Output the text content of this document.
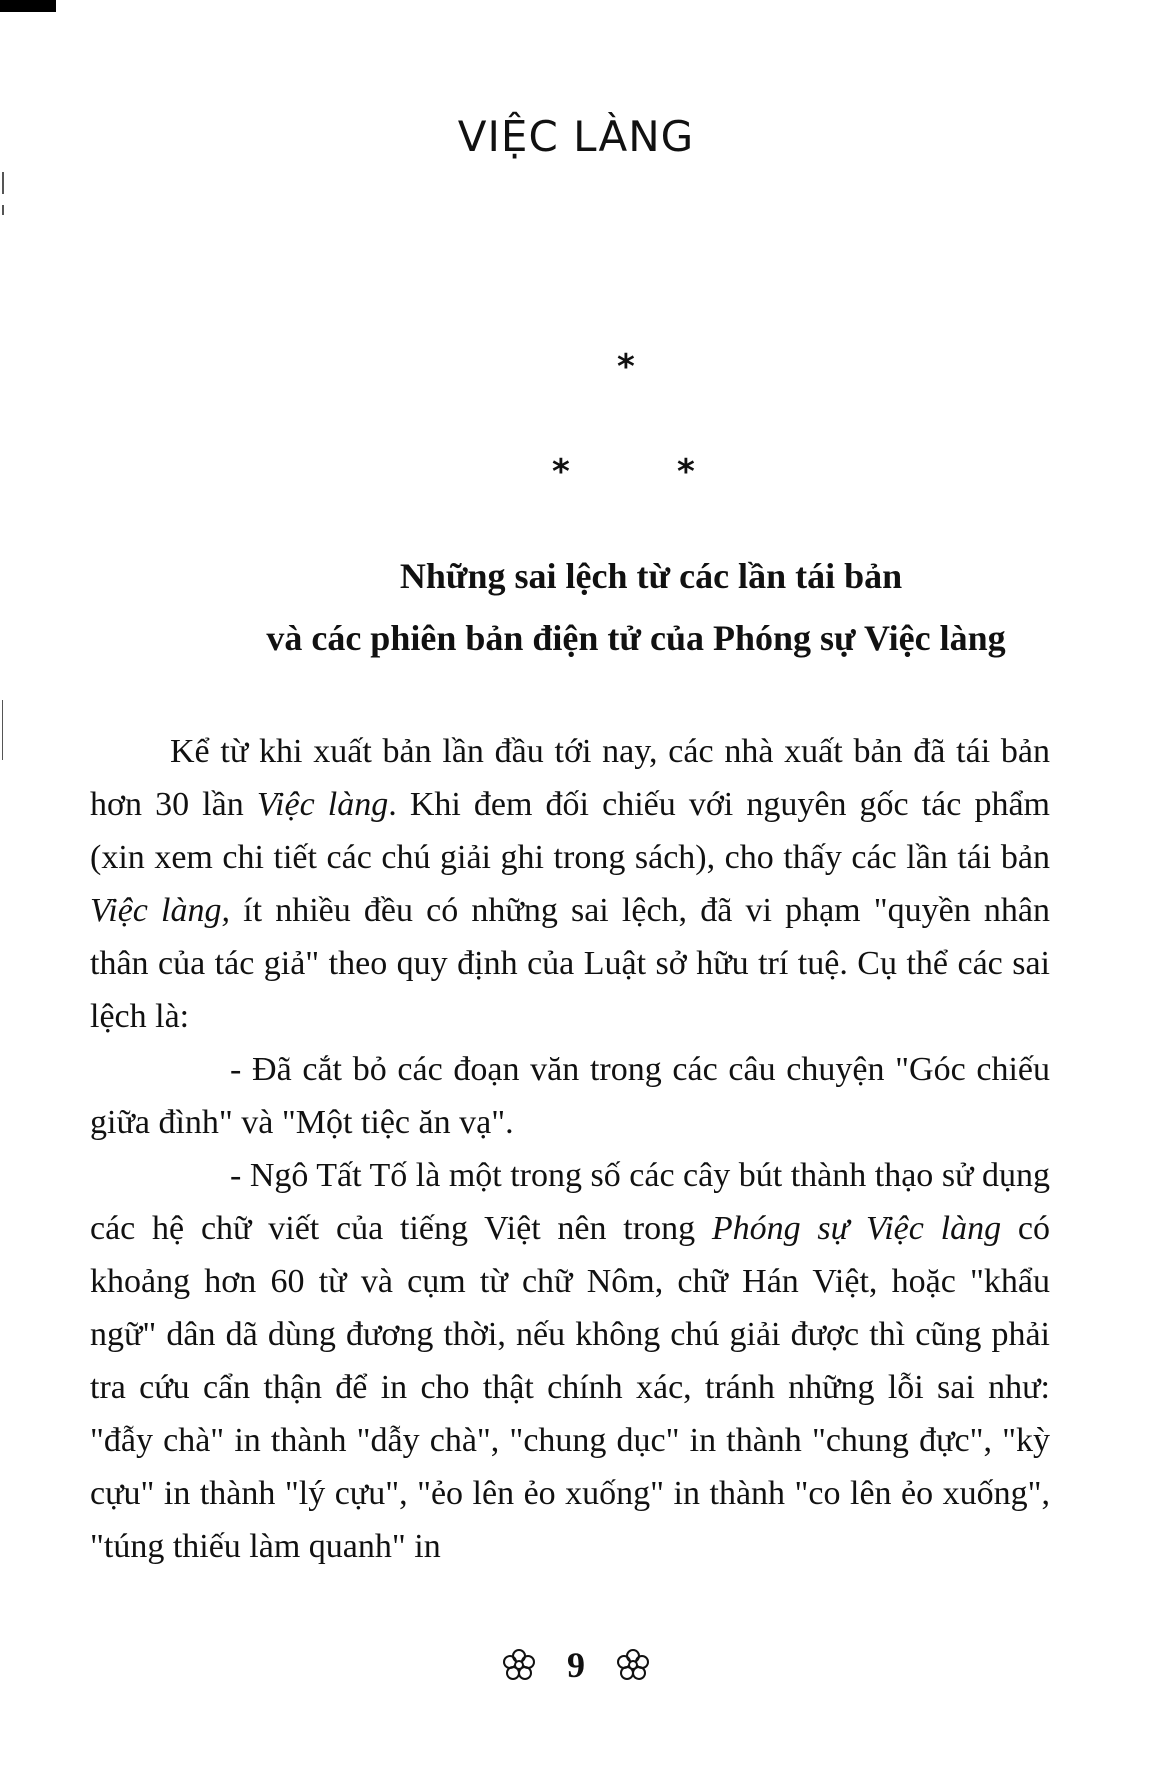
VIỆC LÀNG
*
*	*
Những sai lệch từ các lần tái bản
và các phiên bản điện tử của Phóng sự Việc làng

Kể từ khi xuất bản lần đầu tới nay, các nhà xuất bản đã tái bản hơn 30 lần Việc làng. Khi đem đối chiếu với nguyên gốc tác phẩm (xin xem chi tiết các chú giải ghi trong sách), cho thấy các lần tái bản Việc làng, ít nhiều đều có những sai lệch, đã vi phạm "quyền nhân thân của tác giả" theo quy định của Luật sở hữu trí tuệ. Cụ thể các sai lệch là:

- Đã cắt bỏ các đoạn văn trong các câu chuyện "Góc chiếu giữa đình" và "Một tiệc ăn vạ".

- Ngô Tất Tố là một trong số các cây bút thành thạo sử dụng các hệ chữ viết của tiếng Việt nên trong Phóng sự Việc làng có khoảng hơn 60 từ và cụm từ chữ Nôm, chữ Hán Việt, hoặc "khẩu ngữ" dân dã dùng đương thời, nếu không chú giải được thì cũng phải tra cứu cẩn thận để in cho thật chính xác, tránh những lỗi sai như: "đẫy chà" in thành "dẫy chà", "chung dục" in thành "chung đực", "kỳ cựu" in thành "lý cựu", "ẻo lên ẻo xuống" in thành "co lên ẻo xuống", "túng thiếu làm quanh" in

9
